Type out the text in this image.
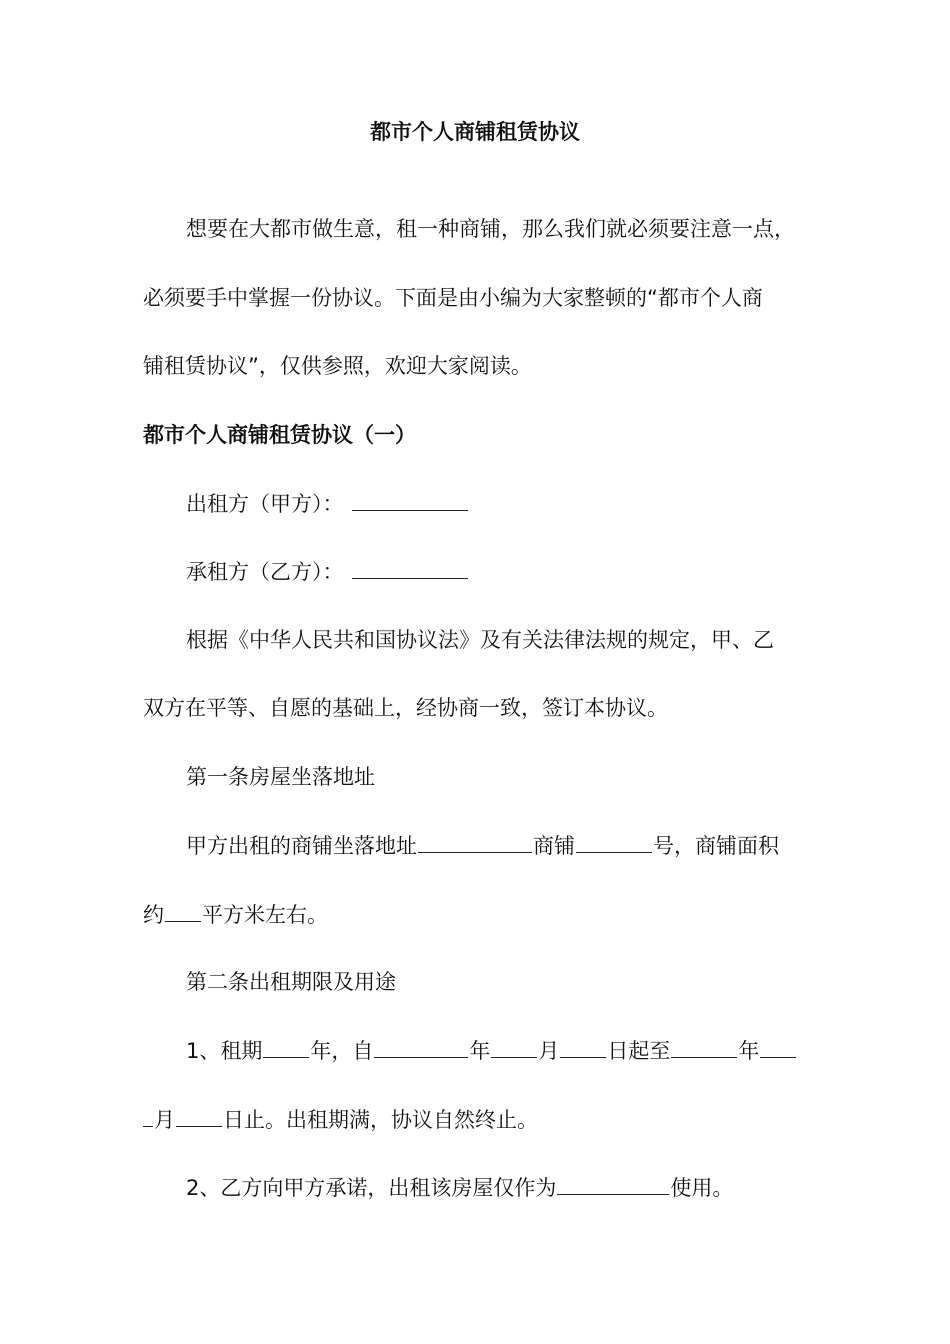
都市个人商铺租赁协议
想要在大都市做生意，租一种商铺，那么我们就必须要注意一点，
必须要手中掌握一份协议。下面是由小编为大家整顿的“都市个人商
铺租赁协议”，仅供参照，欢迎大家阅读。
都市个人商铺租赁协议（一）
出租方（甲方）：
承租方（乙方）：
根据《中华人民共和国协议法》及有关法律法规的规定，甲、乙
双方在平等、自愿的基础上，经协商一致，签订本协议。
第一条房屋坐落地址
甲方出租的商铺坐落地址	商铺	号，商铺面积
约 平方米左右。
第二条出租期限及用途
1、租期 年，自	年 月 日起至	年
月 日止。出租期满，协议自然终止。
2、乙方向甲方承诺，出租该房屋仅作为	使用。
